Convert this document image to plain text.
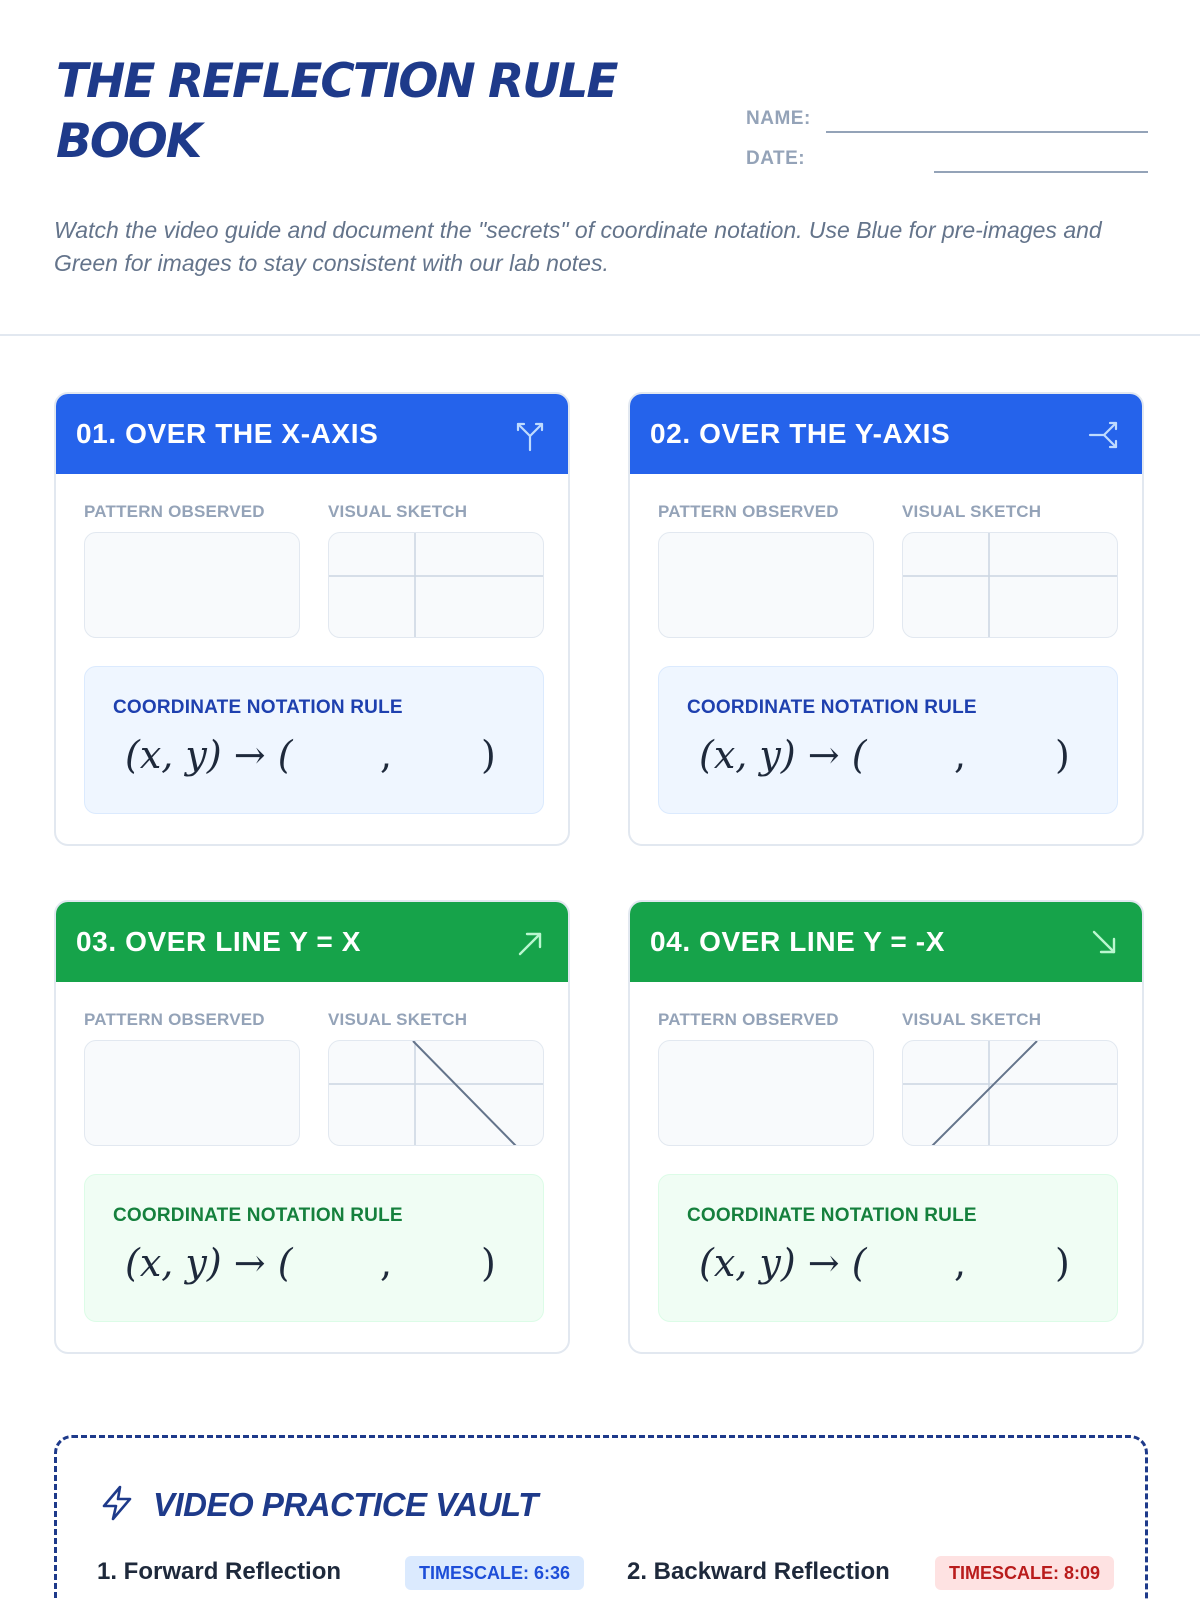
THE REFLECTION RULE BOOK	NAME:
DATE:

Watch the video guide and document the "secrets" of coordinate notation. Use Blue for pre-images and Green for images to stay consistent with our lab notes.

01. OVER THE X-AXIS
PATTERN OBSERVED	VISUAL SKETCH
COORDINATE NOTATION RULE
(x, y) → ( , )
02. OVER THE Y-AXIS
PATTERN OBSERVED	VISUAL SKETCH
COORDINATE NOTATION RULE
(x, y) → ( , )
03. OVER LINE Y = X
PATTERN OBSERVED	VISUAL SKETCH
COORDINATE NOTATION RULE
(x, y) → ( , )
04. OVER LINE Y = -X
PATTERN OBSERVED	VISUAL SKETCH
COORDINATE NOTATION RULE
(x, y) → ( , )
VIDEO PRACTICE VAULT
1. Forward Reflection	TIMESCALE: 6:36	2. Backward Reflection	TIMESCALE: 8:09
